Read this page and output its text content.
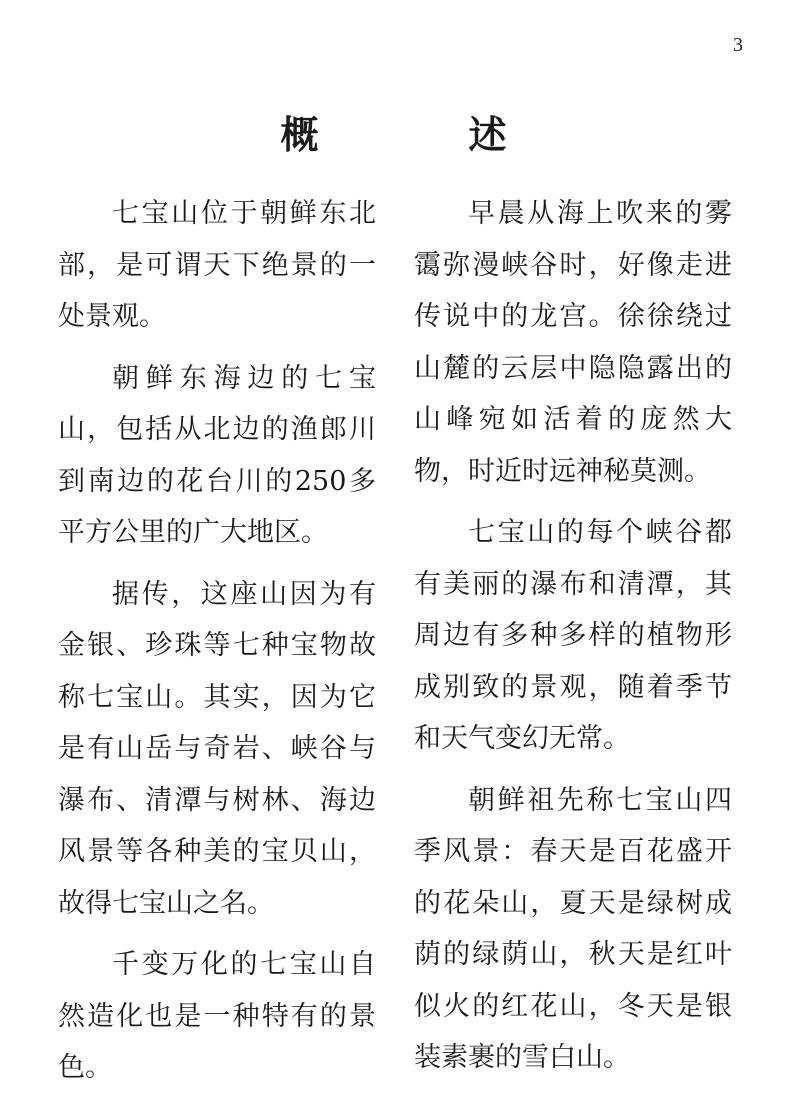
3
概　述

七宝山位于朝鲜东北部，是可谓天下绝景的一处景观。

朝鲜东海边的七宝山，包括从北边的渔郎川到南边的花台川的250多平方公里的广大地区。

据传，这座山因为有金银、珍珠等七种宝物故称七宝山。其实，因为它是有山岳与奇岩、峡谷与瀑布、清潭与树林、海边风景等各种美的宝贝山，故得七宝山之名。

千变万化的七宝山自然造化也是一种特有的景色。

早晨从海上吹来的雾霭弥漫峡谷时，好像走进传说中的龙宫。徐徐绕过山麓的云层中隐隐露出的山峰宛如活着的庞然大物，时近时远神秘莫测。

七宝山的每个峡谷都有美丽的瀑布和清潭，其周边有多种多样的植物形成别致的景观，随着季节和天气变幻无常。

朝鲜祖先称七宝山四季风景：春天是百花盛开的花朵山，夏天是绿树成荫的绿荫山，秋天是红叶似火的红花山，冬天是银装素裹的雪白山。
